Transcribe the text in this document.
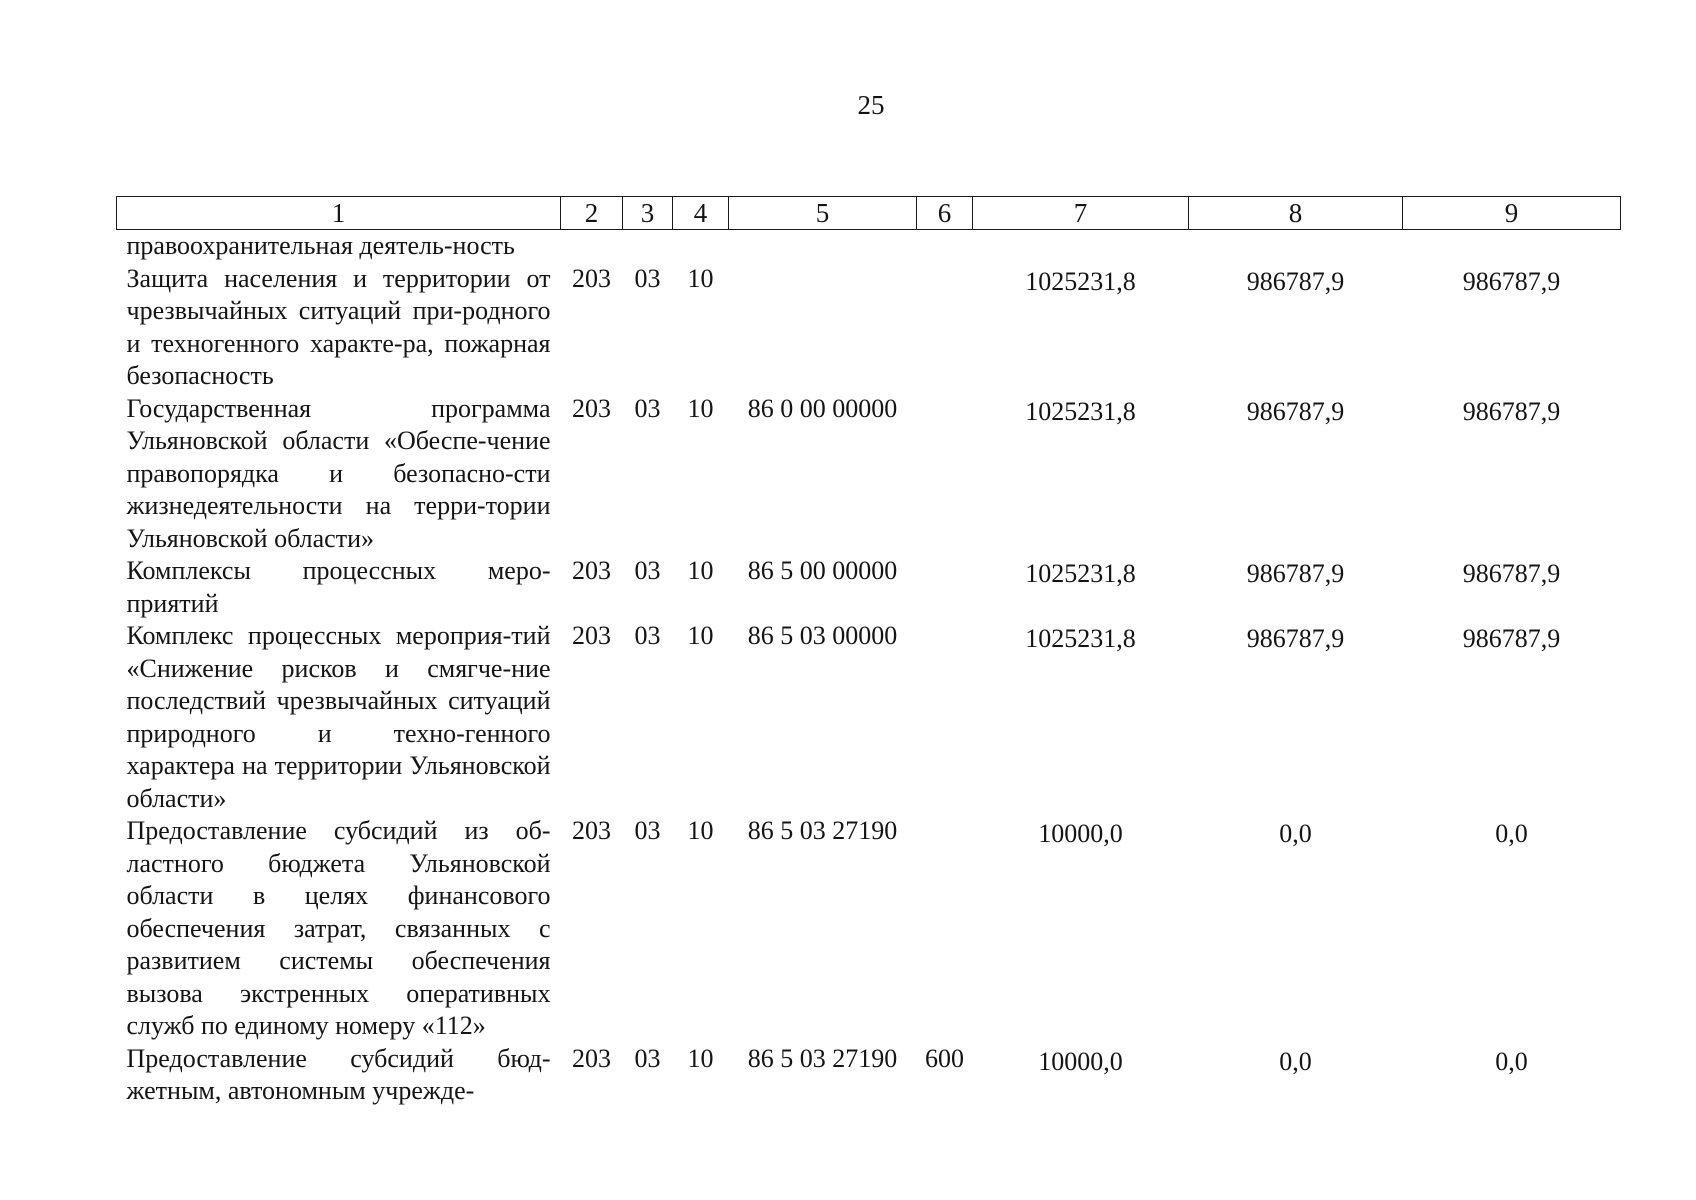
25
1	2	3	4	5	6	7	8	9
правоохранительная деятель-ность								
Защита населения и территории от чрезвычайных ситуаций при-родного и техногенного характе-ра, пожарная безопасность	203	03	10			1025231,8	986787,9	986787,9
Государственная программа Ульяновской области «Обеспе-чение правопорядка и безопасно-сти жизнедеятельности на терри-тории Ульяновской области»	203	03	10	86 0 00 00000		1025231,8	986787,9	986787,9
Комплексы процессных меро-приятий	203	03	10	86 5 00 00000		1025231,8	986787,9	986787,9
Комплекс процессных мероприя-тий «Снижение рисков и смягче-ние последствий чрезвычайных ситуаций природного и техно-генного характера на территории Ульяновской области»	203	03	10	86 5 03 00000		1025231,8	986787,9	986787,9
Предоставление субсидий из об-ластного бюджета Ульяновской области в целях финансового обеспечения затрат, связанных с развитием системы обеспечения вызова экстренных оперативных служб по единому номеру «112»	203	03	10	86 5 03 27190		10000,0	0,0	0,0
Предоставление субсидий бюд-жетным, автономным учрежде-	203	03	10	86 5 03 27190	600	10000,0	0,0	0,0
